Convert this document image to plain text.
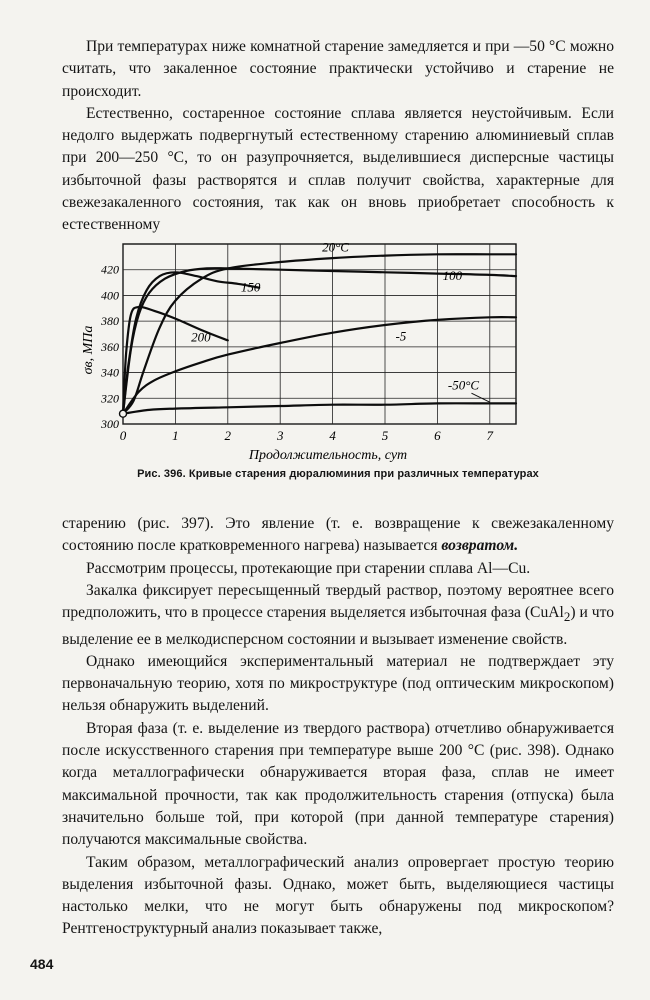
При температурах ниже комнатной старение замедляется и при —50 °C можно считать, что закаленное состояние практически устойчиво и старение не происходит.

Естественно, состаренное состояние сплава является неустойчивым. Если недолго выдержать подвергнутый естественному старению алюминиевый сплав при 200—250 °C, то он разупрочняется, выделившиеся дисперсные частицы избыточной фазы растворятся и сплав получит свойства, характерные для свежезакаленного состояния, так как он вновь приобретает способность к естественному

0	1	2	3	4	5	6	7
300
320
340
360
380
400
420
20°C
100
150
200	-5
-50°C
σв, МПа
Продолжительность, сут
Рис. 396. Кривые старения дюралюминия при различных температурах

старению (рис. 397). Это явление (т. е. возвращение к свежезакаленному состоянию после кратковременного нагрева) называется возвратом.

Рассмотрим процессы, протекающие при старении сплава Al—Cu.

Закалка фиксирует пересыщенный твердый раствор, поэтому вероятнее всего предположить, что в процессе старения выделяется избыточная фаза (CuAl$_2$) и что выделение ее в мелкодисперсном состоянии и вызывает изменение свойств.

Однако имеющийся экспериментальный материал не подтверждает эту первоначальную теорию, хотя по микроструктуре (под оптическим микроскопом) нельзя обнаружить выделений.

Вторая фаза (т. е. выделение из твердого раствора) отчетливо обнаруживается после искусственного старения при температуре выше 200 °C (рис. 398). Однако когда металлографически обнаруживается вторая фаза, сплав не имеет максимальной прочности, так как продолжительность старения (отпуска) была значительно больше той, при которой (при данной температуре старения) получаются максимальные свойства.

Таким образом, металлографический анализ опровергает простую теорию выделения избыточной фазы. Однако, может быть, выделяющиеся частицы настолько мелки, что не могут быть обнаружены под микроскопом? Рентгеноструктурный анализ показывает также,

484
